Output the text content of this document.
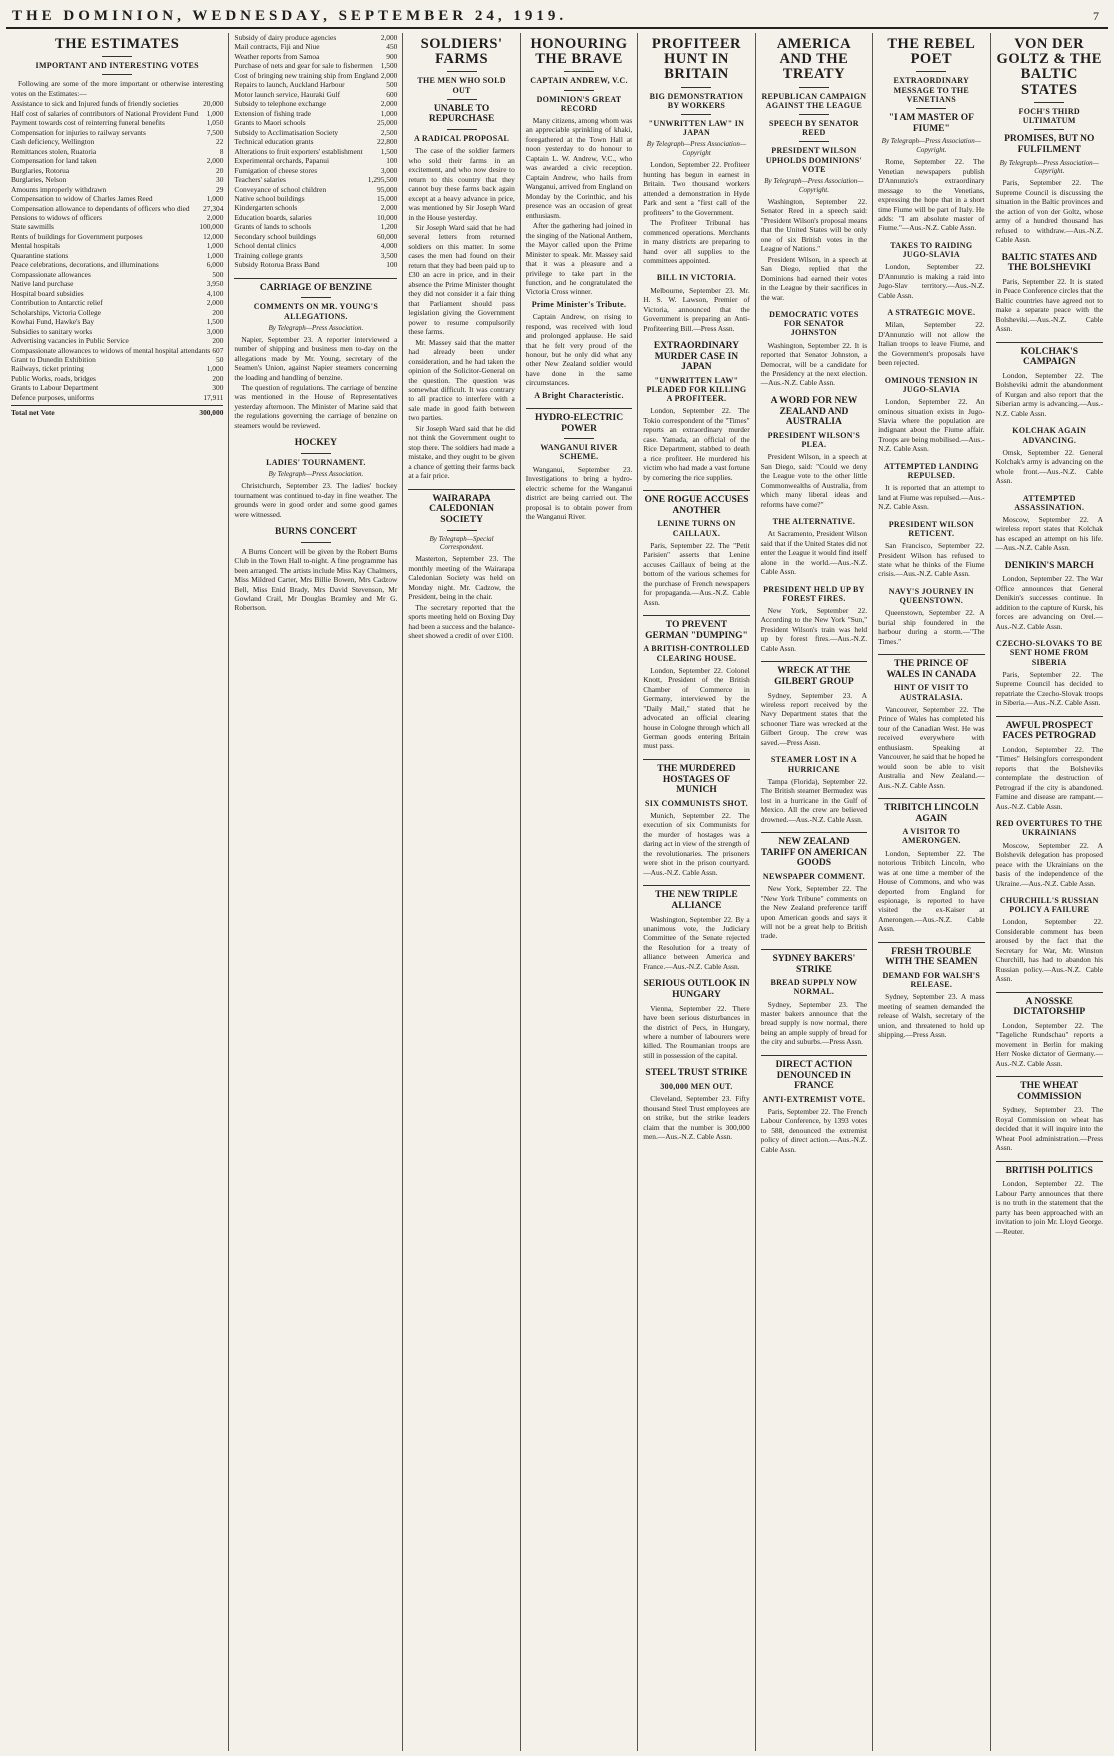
THE DOMINION, WEDNESDAY, SEPTEMBER 24, 1919.	7
THE ESTIMATES
IMPORTANT AND INTERESTING VOTES
Following are some of the more important or otherwise interesting votes on the Estimates:—
Assistance to sick and Injured funds of friendly societies	20,000
Half cost of salaries of contributors of National Provident Fund	1,000
Payment towards cost of reinterring funeral benefits	1,050
Compensation for injuries to railway servants	7,500
Cash deficiency, Wellington	22
Remittances stolen, Ruatoria	8
Compensation for land taken	2,000
Burglaries, Rotorua	20
Burglaries, Nelson	30
Amounts improperly withdrawn	29
Compensation to widow of Charles James Reed	1,000
Compensation allowance to dependants of officers who died	27,304
Pensions to widows of officers	2,000
State sawmills	100,000
Rents of buildings for Government purposes	12,000
Mental hospitals	1,000
Quarantine stations	1,000
Peace celebrations, decorations, and illuminations	6,000
Compassionate allowances	500
Native land purchase	3,950
Hospital board subsidies	4,100
Contribution to Antarctic relief	2,000
Scholarships, Victoria College	200
Kowhai Fund, Hawke's Bay	1,500
Subsidies to sanitary works	3,000
Advertising vacancies in Public Service	200
Compassionate allowances to widows of mental hospital attendants 607
Grant to Dunedin Exhibition	50
Railways, ticket printing	1,000
Public Works, roads, bridges	200
Grants to Labour Department	300
Defence purposes, uniforms	17,911
Total net Vote	300,000
Subsidy of dairy produce agencies	2,000
Mail contracts, Fiji and Niue	450
Weather reports from Samoa	900
Purchase of nets and gear for sale to fishermen	1,500
Cost of bringing new training ship from England 2,000
Repairs to launch, Auckland Harbour	500
Motor launch service, Hauraki Gulf	600
Subsidy to telephone exchange	2,000
Extension of fishing trade	1,000
Grants to Maori schools	25,000
Subsidy to Acclimatisation Society	2,500
Technical education grants	22,800
Alterations to fruit exporters' establishment	1,500
Experimental orchards, Papanui	100
Fumigation of cheese stores	3,000
Teachers' salaries	1,295,500
Conveyance of school children	95,000
Native school buildings	15,000
Kindergarten schools	2,000
Education boards, salaries	10,000
Grants of lands to schools	1,200
Secondary school buildings	60,000
School dental clinics	4,000
Training college grants	3,500
Subsidy Rotorua Brass Band	100
CARRIAGE OF BENZINE
COMMENTS ON MR. YOUNG'S ALLEGATIONS.
By Telegraph—Press Association.
Napier, September 23. A reporter interviewed a number of shipping and business men to-day on the allegations made by Mr. Young, secretary of the Seamen's Union, against Napier steamers concerning the loading and handling of benzine.
The question of regulations. The carriage of benzine was mentioned in the House of Representatives yesterday afternoon. The Minister of Marine said that the regulations governing the carriage of benzine on steamers would be reviewed.
HOCKEY
LADIES' TOURNAMENT.
By Telegraph—Press Association.
Christchurch, September 23. The ladies' hockey tournament was continued to-day in fine weather. The grounds were in good order and some good games were witnessed.
BURNS CONCERT
A Burns Concert will be given by the Robert Burns Club in the Town Hall to-night. A fine programme has been arranged. The artists include Miss Kay Chalmers, Miss Mildred Carter, Mrs Billie Bowen, Mrs Cadzow Bell, Miss Enid Brady, Mrs David Stevenson, Mr Gowland Crail, Mr Douglas Bramley and Mr G. Robertson.
SOLDIERS' FARMS
THE MEN WHO SOLD OUT
UNABLE TO REPURCHASE
A RADICAL PROPOSAL
The case of the soldier farmers who sold their farms in an excitement, and who now desire to return to this country that they cannot buy these farms back again except at a heavy advance in price, was mentioned by Sir Joseph Ward in the House yesterday.
Sir Joseph Ward said that he had several letters from returned soldiers on this matter. In some cases the men had found on their return that they had been paid up to £30 an acre in price, and in their absence the Prime Minister thought they did not consider it a fair thing that Parliament should pass legislation giving the Government power to resume compulsorily these farms.
Mr. Massey said that the matter had already been under consideration, and he had taken the opinion of the Solicitor-General on the question. The question was somewhat difficult. It was contrary to all practice to interfere with a sale made in good faith between two parties.
Sir Joseph Ward said that he did not think the Government ought to stop there. The soldiers had made a mistake, and they ought to be given a chance of getting their farms back at a fair price.
WAIRARAPA CALEDONIAN SOCIETY
By Telegraph—Special Correspondent.
Masterton, September 23. The monthly meeting of the Wairarapa Caledonian Society was held on Monday night. Mr. Cadzow, the President, being in the chair.
The secretary reported that the sports meeting held on Boxing Day had been a success and the balance-sheet showed a credit of over £100.
HONOURING THE BRAVE
CAPTAIN ANDREW, V.C.
DOMINION'S GREAT RECORD
Many citizens, among whom was an appreciable sprinkling of khaki, foregathered at the Town Hall at noon yesterday to do honour to Captain L. W. Andrew, V.C., who was awarded a civic reception. Captain Andrew, who hails from Wanganui, arrived from England on Monday by the Corinthic, and his presence was an occasion of great enthusiasm.
After the gathering had joined in the singing of the National Anthem, the Mayor called upon the Prime Minister to speak. Mr. Massey said that it was a pleasure and a privilege to take part in the function, and he congratulated the Victoria Cross winner.
Prime Minister's Tribute.
Captain Andrew, on rising to respond, was received with loud and prolonged applause. He said that he felt very proud of the honour, but he only did what any other New Zealand soldier would have done in the same circumstances.
A Bright Characteristic.
HYDRO-ELECTRIC POWER
WANGANUI RIVER SCHEME.
Wanganui, September 23. Investigations to bring a hydro-electric scheme for the Wanganui district are being carried out. The proposal is to obtain power from the Wanganui River.
PROFITEER HUNT IN BRITAIN
BIG DEMONSTRATION BY WORKERS
"UNWRITTEN LAW" IN JAPAN
By Telegraph—Press Association—Copyright
London, September 22. Profiteer hunting has begun in earnest in Britain. Two thousand workers attended a demonstration in Hyde Park and sent a "first call of the profiteers" to the Government.
The Profiteer Tribunal has commenced operations. Merchants in many districts are preparing to hand over all supplies to the committees appointed.
BILL IN VICTORIA.
Melbourne, September 23. Mr. H. S. W. Lawson, Premier of Victoria, announced that the Government is preparing an Anti-Profiteering Bill.—Press Assn.
EXTRAORDINARY MURDER CASE IN JAPAN
"UNWRITTEN LAW" PLEADED FOR KILLING A PROFITEER.
London, September 22. The Tokio correspondent of the "Times" reports an extraordinary murder case. Yamada, an official of the Rice Department, stabbed to death a rice profiteer. He murdered his victim who had made a vast fortune by cornering the rice supplies.
ONE ROGUE ACCUSES ANOTHER
LENINE TURNS ON CAILLAUX.
Paris, September 22. The "Petit Parisien" asserts that Lenine accuses Caillaux of being at the bottom of the various schemes for the purchase of French newspapers for propaganda.—Aus.-N.Z. Cable Assn.
TO PREVENT GERMAN "DUMPING"
A BRITISH-CONTROLLED CLEARING HOUSE.
London, September 22. Colonel Knott, President of the British Chamber of Commerce in Germany, interviewed by the "Daily Mail," stated that he advocated an official clearing house in Cologne through which all German goods entering Britain must pass.
THE MURDERED HOSTAGES OF MUNICH
SIX COMMUNISTS SHOT.
Munich, September 22. The execution of six Communists for the murder of hostages was a daring act in view of the strength of the revolutionaries. The prisoners were shot in the prison courtyard.—Aus.-N.Z. Cable Assn.
THE NEW TRIPLE ALLIANCE
Washington, September 22. By a unanimous vote, the Judiciary Committee of the Senate rejected the Resolution for a treaty of alliance between America and France.—Aus.-N.Z. Cable Assn.
SERIOUS OUTLOOK IN HUNGARY
Vienna, September 22. There have been serious disturbances in the district of Pecs, in Hungary, where a number of labourers were killed. The Roumanian troops are still in possession of the capital.
STEEL TRUST STRIKE
300,000 MEN OUT.
Cleveland, September 23. Fifty thousand Steel Trust employees are on strike, but the strike leaders claim that the number is 300,000 men.—Aus.-N.Z. Cable Assn.
AMERICA AND THE TREATY
REPUBLICAN CAMPAIGN AGAINST THE LEAGUE
SPEECH BY SENATOR REED
PRESIDENT WILSON UPHOLDS DOMINIONS' VOTE
By Telegraph—Press Association—Copyright.
Washington, September 22. Senator Reed in a speech said: "President Wilson's proposal means that the United States will be only one of six British votes in the League of Nations."
President Wilson, in a speech at San Diego, replied that the Dominions had earned their votes in the League by their sacrifices in the war.
DEMOCRATIC VOTES FOR SENATOR JOHNSTON
Washington, September 22. It is reported that Senator Johnston, a Democrat, will be a candidate for the Presidency at the next election.—Aus.-N.Z. Cable Assn.
A WORD FOR NEW ZEALAND AND AUSTRALIA
PRESIDENT WILSON'S PLEA.
President Wilson, in a speech at San Diego, said: "Could we deny the League vote to the other little Commonwealths of Australia, from which many liberal ideas and reforms have come?"
THE ALTERNATIVE.
At Sacramento, President Wilson said that if the United States did not enter the League it would find itself alone in the world.—Aus.-N.Z. Cable Assn.
PRESIDENT HELD UP BY FOREST FIRES.
New York, September 22. According to the New York "Sun," President Wilson's train was held up by forest fires.—Aus.-N.Z. Cable Assn.
WRECK AT THE GILBERT GROUP
Sydney, September 23. A wireless report received by the Navy Department states that the schooner Tiare was wrecked at the Gilbert Group. The crew was saved.—Press Assn.
STEAMER LOST IN A HURRICANE
Tampa (Florida), September 22. The British steamer Bermudez was lost in a hurricane in the Gulf of Mexico. All the crew are believed drowned.—Aus.-N.Z. Cable Assn.
NEW ZEALAND TARIFF ON AMERICAN GOODS
NEWSPAPER COMMENT.
New York, September 22. The "New York Tribune" comments on the New Zealand preference tariff upon American goods and says it will not be a great help to British trade.
SYDNEY BAKERS' STRIKE
BREAD SUPPLY NOW NORMAL.
Sydney, September 23. The master bakers announce that the bread supply is now normal, there being an ample supply of bread for the city and suburbs.—Press Assn.
DIRECT ACTION DENOUNCED IN FRANCE
ANTI-EXTREMIST VOTE.
Paris, September 22. The French Labour Conference, by 1393 votes to 588, denounced the extremist policy of direct action.—Aus.-N.Z. Cable Assn.
THE REBEL POET
EXTRAORDINARY MESSAGE TO THE VENETIANS
"I AM MASTER OF FIUME"
By Telegraph—Press Association—Copyright.
Rome, September 22. The Venetian newspapers publish D'Annunzio's extraordinary message to the Venetians, expressing the hope that in a short time Fiume will be part of Italy. He adds: "I am absolute master of Fiume."—Aus.-N.Z. Cable Assn.
TAKES TO RAIDING JUGO-SLAVIA
London, September 22. D'Annunzio is making a raid into Jugo-Slav territory.—Aus.-N.Z. Cable Assn.
A STRATEGIC MOVE.
Milan, September 22. D'Annunzio will not allow the Italian troops to leave Fiume, and the Government's proposals have been rejected.
OMINOUS TENSION IN JUGO-SLAVIA
London, September 22. An ominous situation exists in Jugo-Slavia where the population are indignant about the Fiume affair. Troops are being mobilised.—Aus.-N.Z. Cable Assn.
ATTEMPTED LANDING REPULSED.
It is reported that an attempt to land at Fiume was repulsed.—Aus.-N.Z. Cable Assn.
PRESIDENT WILSON RETICENT.
San Francisco, September 22. President Wilson has refused to state what he thinks of the Fiume crisis.—Aus.-N.Z. Cable Assn.
NAVY'S JOURNEY IN QUEENSTOWN.
Queenstown, September 22. A burial ship foundered in the harbour during a storm.—"The Times."
THE PRINCE OF WALES IN CANADA
HINT OF VISIT TO AUSTRALASIA.
Vancouver, September 22. The Prince of Wales has completed his tour of the Canadian West. He was received everywhere with enthusiasm. Speaking at Vancouver, he said that he hoped he would soon be able to visit Australia and New Zealand.—Aus.-N.Z. Cable Assn.
TRIBITCH LINCOLN AGAIN
A VISITOR TO AMERONGEN.
London, September 22. The notorious Tribitch Lincoln, who was at one time a member of the House of Commons, and who was deported from England for espionage, is reported to have visited the ex-Kaiser at Amerongen.—Aus.-N.Z. Cable Assn.
FRESH TROUBLE WITH THE SEAMEN
DEMAND FOR WALSH'S RELEASE.
Sydney, September 23. A mass meeting of seamen demanded the release of Walsh, secretary of the union, and threatened to hold up shipping.—Press Assn.
VON DER GOLTZ & THE BALTIC STATES
FOCH'S THIRD ULTIMATUM
PROMISES, BUT NO FULFILMENT
By Telegraph—Press Association—Copyright.
Paris, September 22. The Supreme Council is discussing the situation in the Baltic provinces and the action of von der Goltz, whose army of a hundred thousand has refused to withdraw.—Aus.-N.Z. Cable Assn.
BALTIC STATES AND THE BOLSHEVIKI
Paris, September 22. It is stated in Peace Conference circles that the Baltic countries have agreed not to make a separate peace with the Bolsheviki.—Aus.-N.Z. Cable Assn.
KOLCHAK'S CAMPAIGN
London, September 22. The Bolsheviki admit the abandonment of Kurgan and also report that the Siberian army is advancing.—Aus.-N.Z. Cable Assn.
KOLCHAK AGAIN ADVANCING.
Omsk, September 22. General Kolchak's army is advancing on the whole front.—Aus.-N.Z. Cable Assn.
ATTEMPTED ASSASSINATION.
Moscow, September 22. A wireless report states that Kolchak has escaped an attempt on his life.—Aus.-N.Z. Cable Assn.
DENIKIN'S MARCH
London, September 22. The War Office announces that General Denikin's successes continue. In addition to the capture of Kursk, his forces are advancing on Orel.—Aus.-N.Z. Cable Assn.
CZECHO-SLOVAKS TO BE SENT HOME FROM SIBERIA
Paris, September 22. The Supreme Council has decided to repatriate the Czecho-Slovak troops in Siberia.—Aus.-N.Z. Cable Assn.
AWFUL PROSPECT FACES PETROGRAD
London, September 22. The "Times" Helsingfors correspondent reports that the Bolsheviks contemplate the destruction of Petrograd if the city is abandoned. Famine and disease are rampant.—Aus.-N.Z. Cable Assn.
RED OVERTURES TO THE UKRAINIANS
Moscow, September 22. A Bolshevik delegation has proposed peace with the Ukrainians on the basis of the independence of the Ukraine.—Aus.-N.Z. Cable Assn.
CHURCHILL'S RUSSIAN POLICY A FAILURE
London, September 22. Considerable comment has been aroused by the fact that the Secretary for War, Mr. Winston Churchill, has had to abandon his Russian policy.—Aus.-N.Z. Cable Assn.
A NOSSKE DICTATORSHIP
London, September 22. The "Tageliche Rundschau" reports a movement in Berlin for making Herr Noske dictator of Germany.—Aus.-N.Z. Cable Assn.
THE WHEAT COMMISSION
Sydney, September 23. The Royal Commission on wheat has decided that it will inquire into the Wheat Pool administration.—Press Assn.
BRITISH POLITICS
London, September 22. The Labour Party announces that there is no truth in the statement that the party has been approached with an invitation to join Mr. Lloyd George.—Reuter.
